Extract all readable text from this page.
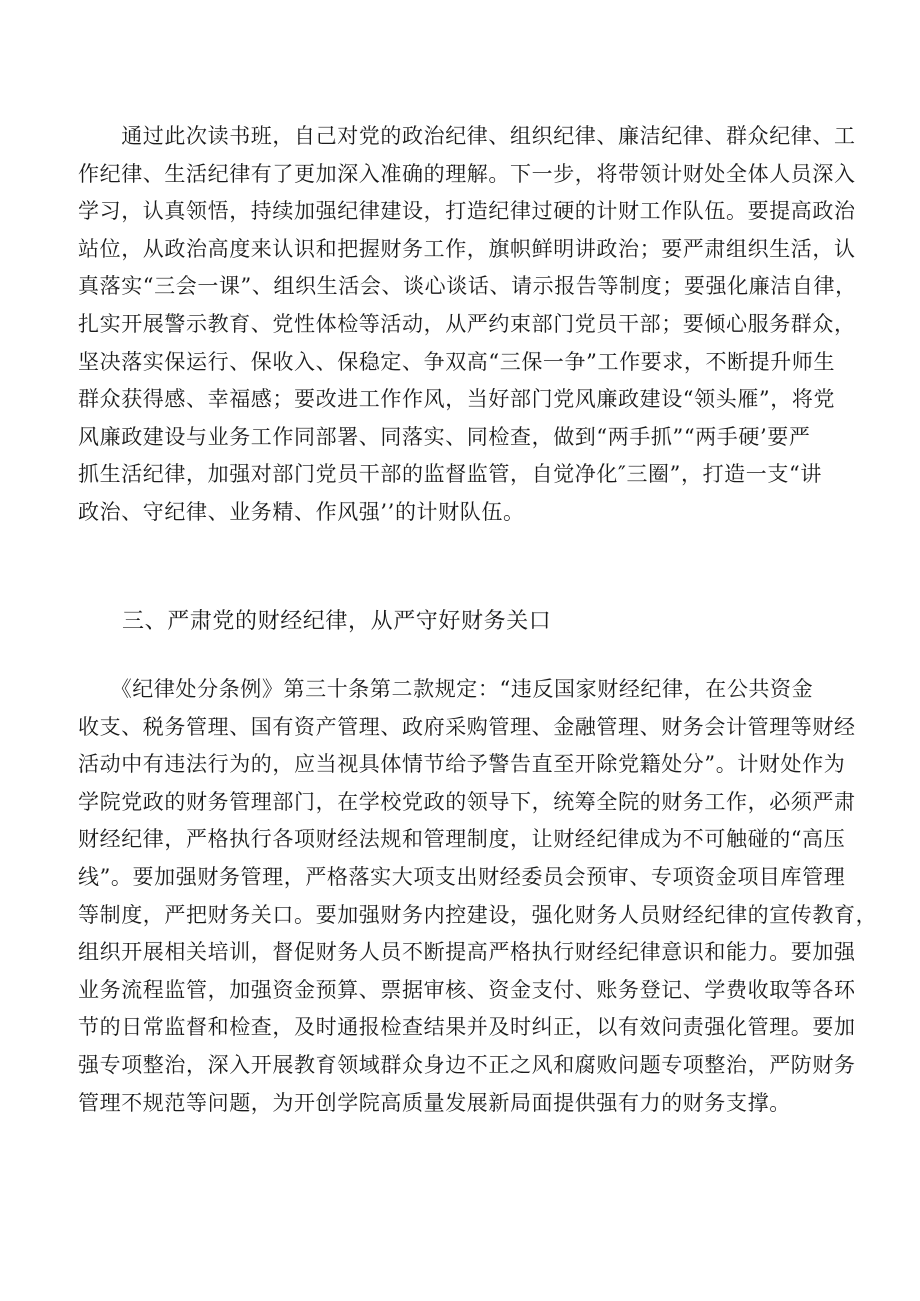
　　通过此次读书班，自己对党的政治纪律、组织纪律、廉洁纪律、群众纪律、工
作纪律、生活纪律有了更加深入准确的理解。下一步，将带领计财处全体人员深入
学习，认真领悟，持续加强纪律建设，打造纪律过硬的计财工作队伍。要提高政治
站位，从政治高度来认识和把握财务工作，旗帜鲜明讲政治；要严肃组织生活，认
真落实“三会一课”、组织生活会、谈心谈话、请示报告等制度；要强化廉洁自律，
扎实开展警示教育、党性体检等活动，从严约束部门党员干部；要倾心服务群众，
坚决落实保运行、保收入、保稳定、争双高“三保一争”工作要求，不断提升师生
群众获得感、幸福感；要改进工作作风，当好部门党风廉政建设“领头雁”，将党
风廉政建设与业务工作同部署、同落实、同检查，做到“两手抓”“两手硬’要严
抓生活纪律，加强对部门党员干部的监督监管，自觉净化″三圈”，打造一支“讲
政治、守纪律、业务精、作风强’’的计财队伍。
三、严肃党的财经纪律，从严守好财务关口
　　《纪律处分条例》第三十条第二款规定：“违反国家财经纪律，在公共资金
收支、税务管理、国有资产管理、政府采购管理、金融管理、财务会计管理等财经
活动中有违法行为的，应当视具体情节给予警告直至开除党籍处分”。计财处作为
学院党政的财务管理部门，在学校党政的领导下，统筹全院的财务工作，必须严肃
财经纪律，严格执行各项财经法规和管理制度，让财经纪律成为不可触碰的“高压
线”。要加强财务管理，严格落实大项支出财经委员会预审、专项资金项目库管理
等制度，严把财务关口。要加强财务内控建设，强化财务人员财经纪律的宣传教育，
组织开展相关培训，督促财务人员不断提高严格执行财经纪律意识和能力。要加强
业务流程监管，加强资金预算、票据审核、资金支付、账务登记、学费收取等各环
节的日常监督和检查，及时通报检查结果并及时纠正，以有效问责强化管理。要加
强专项整治，深入开展教育领域群众身边不正之风和腐败问题专项整治，严防财务
管理不规范等问题，为开创学院高质量发展新局面提供强有力的财务支撑。
